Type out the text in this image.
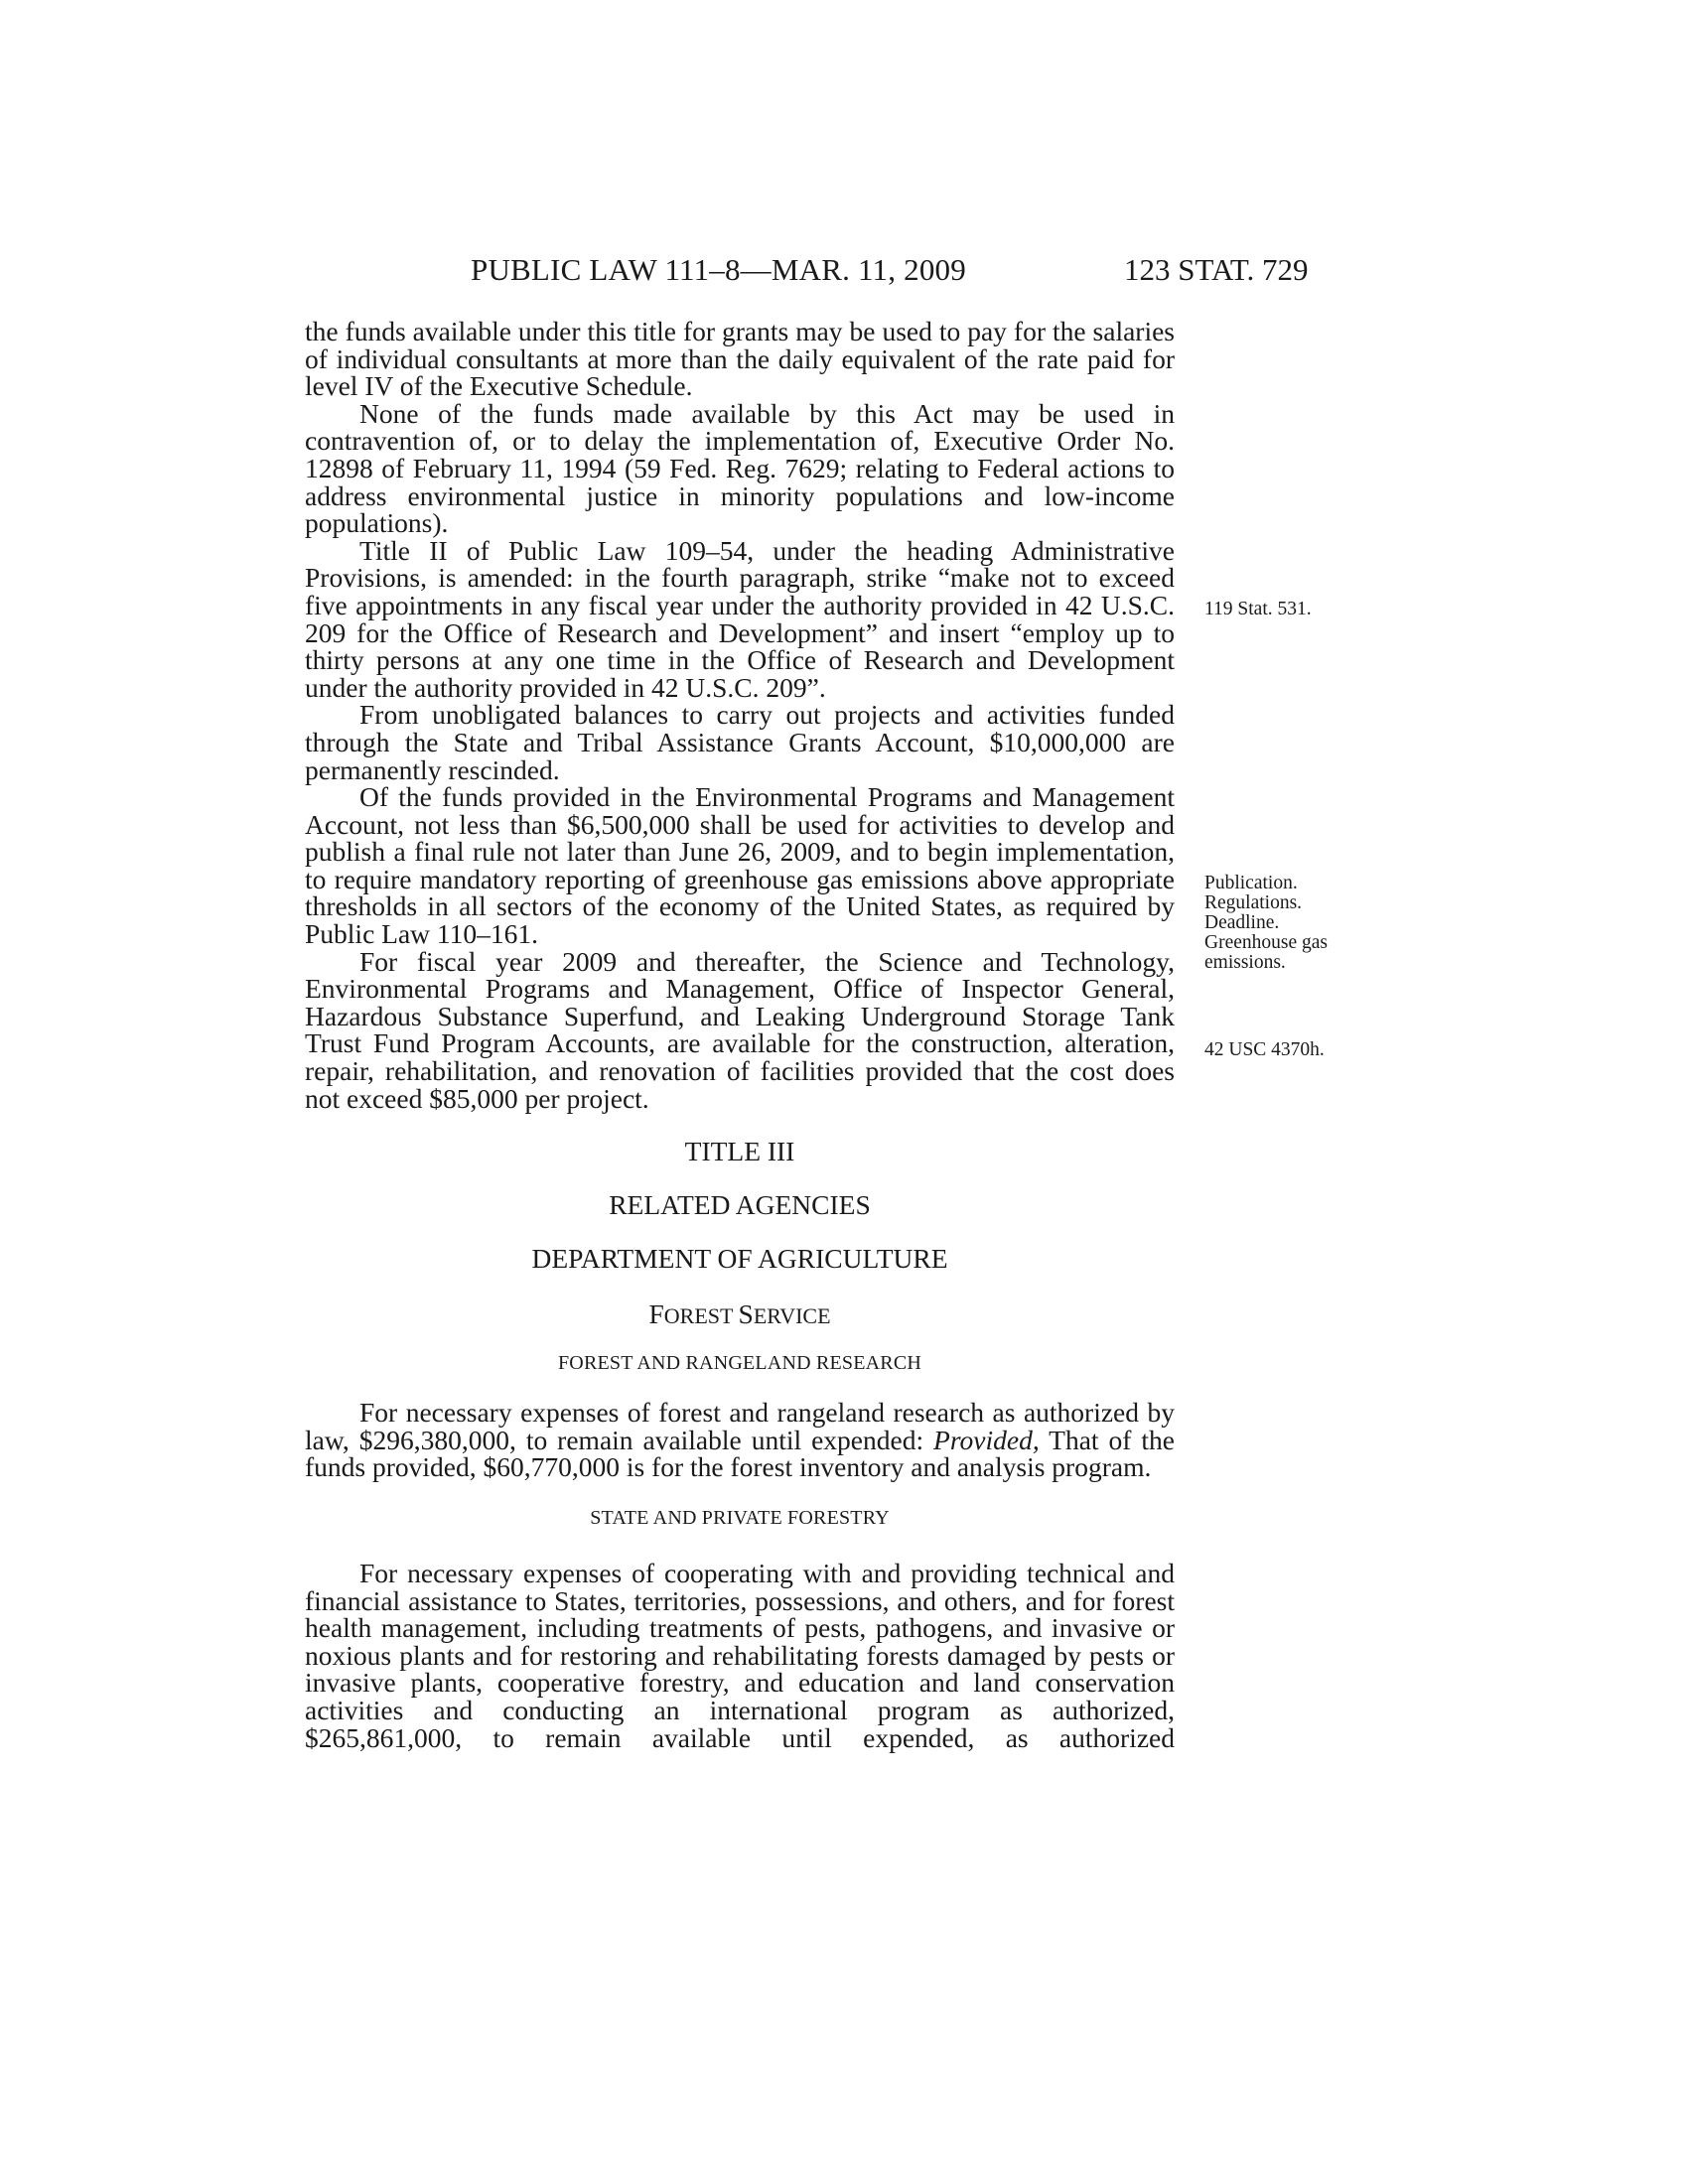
PUBLIC LAW 111–8—MAR. 11, 2009	123 STAT. 729

the funds available under this title for grants may be used to pay for the salaries of individual consultants at more than the daily equivalent of the rate paid for level IV of the Executive Schedule.

None of the funds made available by this Act may be used in contravention of, or to delay the implementation of, Executive Order No. 12898 of February 11, 1994 (59 Fed. Reg. 7629; relating to Federal actions to address environmental justice in minority populations and low-income populations).

Title II of Public Law 109–54, under the heading Administrative Provisions, is amended: in the fourth paragraph, strike “make not to exceed five appointments in any fiscal year under the authority provided in 42 U.S.C. 209 for the Office of Research and Development” and insert “employ up to thirty persons at any one time in the Office of Research and Development under the authority provided in 42 U.S.C. 209”.

From unobligated balances to carry out projects and activities funded through the State and Tribal Assistance Grants Account, $10,000,000 are permanently rescinded.

Of the funds provided in the Environmental Programs and Management Account, not less than $6,500,000 shall be used for activities to develop and publish a final rule not later than June 26, 2009, and to begin implementation, to require mandatory reporting of greenhouse gas emissions above appropriate thresholds in all sectors of the economy of the United States, as required by Public Law 110–161.

For fiscal year 2009 and thereafter, the Science and Technology, Environmental Programs and Management, Office of Inspector General, Hazardous Substance Superfund, and Leaking Underground Storage Tank Trust Fund Program Accounts, are available for the construction, alteration, repair, rehabilitation, and renovation of facilities provided that the cost does not exceed $85,000 per project.

TITLE III

RELATED AGENCIES

DEPARTMENT OF AGRICULTURE

FOREST SERVICE

FOREST AND RANGELAND RESEARCH

For necessary expenses of forest and rangeland research as authorized by law, $296,380,000, to remain available until expended: Provided, That of the funds provided, $60,770,000 is for the forest inventory and analysis program.

STATE AND PRIVATE FORESTRY

For necessary expenses of cooperating with and providing technical and financial assistance to States, territories, possessions, and others, and for forest health management, including treatments of pests, pathogens, and invasive or noxious plants and for restoring and rehabilitating forests damaged by pests or invasive plants, cooperative forestry, and education and land conservation activities and conducting an international program as authorized, $265,861,000, to remain available until expended, as authorized

119 Stat. 531.
Publication.
Regulations.
Deadline.
Greenhouse gas
emissions.
42 USC 4370h.
